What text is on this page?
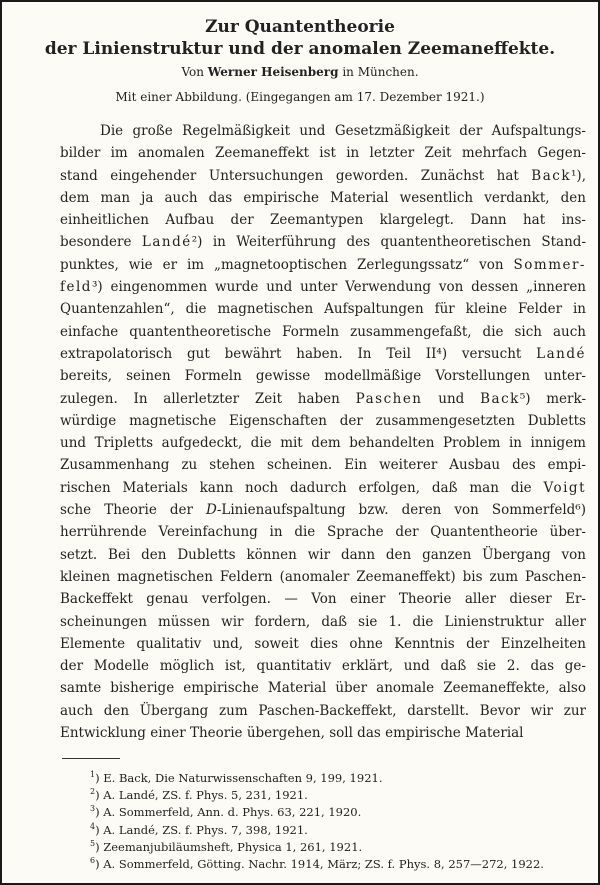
Zur Quantentheorie
der Linienstruktur und der anomalen Zeemaneffekte.
Von Werner Heisenberg in München.
Mit einer Abbildung. (Eingegangen am 17. Dezember 1921.)
Die große Regelmäßigkeit und Gesetzmäßigkeit der Aufspaltungs-
bilder im anomalen Zeemaneffekt ist in letzter Zeit mehrfach Gegen-
stand eingehender Untersuchungen geworden. Zunächst hat Back¹),
dem man ja auch das empirische Material wesentlich verdankt, den
einheitlichen Aufbau der Zeemantypen klargelegt. Dann hat ins-
besondere Landé²) in Weiterführung des quantentheoretischen Stand-
punktes, wie er im „magnetooptischen Zerlegungssatz“ von Sommer-
feld³) eingenommen wurde und unter Verwendung von dessen „inneren
Quantenzahlen“, die magnetischen Aufspaltungen für kleine Felder in
einfache quantentheoretische Formeln zusammengefaßt, die sich auch
extrapolatorisch gut bewährt haben. In Teil II⁴) versucht Landé
bereits, seinen Formeln gewisse modellmäßige Vorstellungen unter-
zulegen. In allerletzter Zeit haben Paschen und Back⁵) merk-
würdige magnetische Eigenschaften der zusammengesetzten Dubletts
und Tripletts aufgedeckt, die mit dem behandelten Problem in innigem
Zusammenhang zu stehen scheinen. Ein weiterer Ausbau des empi-
rischen Materials kann noch dadurch erfolgen, daß man die Voigt
sche Theorie der D-Linienaufspaltung bzw. deren von Sommerfeld⁶)
herrührende Vereinfachung in die Sprache der Quantentheorie über-
setzt. Bei den Dubletts können wir dann den ganzen Übergang von
kleinen magnetischen Feldern (anomaler Zeemaneffekt) bis zum Paschen-
Backeffekt genau verfolgen. — Von einer Theorie aller dieser Er-
scheinungen müssen wir fordern, daß sie 1. die Linienstruktur aller
Elemente qualitativ und, soweit dies ohne Kenntnis der Einzelheiten
der Modelle möglich ist, quantitativ erklärt, und daß sie 2. das ge-
samte bisherige empirische Material über anomale Zeemaneffekte, also
auch den Übergang zum Paschen-Backeffekt, darstellt. Bevor wir zur
Entwicklung einer Theorie übergehen, soll das empirische Material
$^1$) E. Back, Die Naturwissenschaften 9, 199, 1921.
$^2$) A. Landé, ZS. f. Phys. 5, 231, 1921.
$^3$) A. Sommerfeld, Ann. d. Phys. 63, 221, 1920.
$^4$) A. Landé, ZS. f. Phys. 7, 398, 1921.
$^5$) Zeemanjubiläumsheft, Physica 1, 261, 1921.
$^6$) A. Sommerfeld, Götting. Nachr. 1914, März; ZS. f. Phys. 8, 257—272, 1922.
